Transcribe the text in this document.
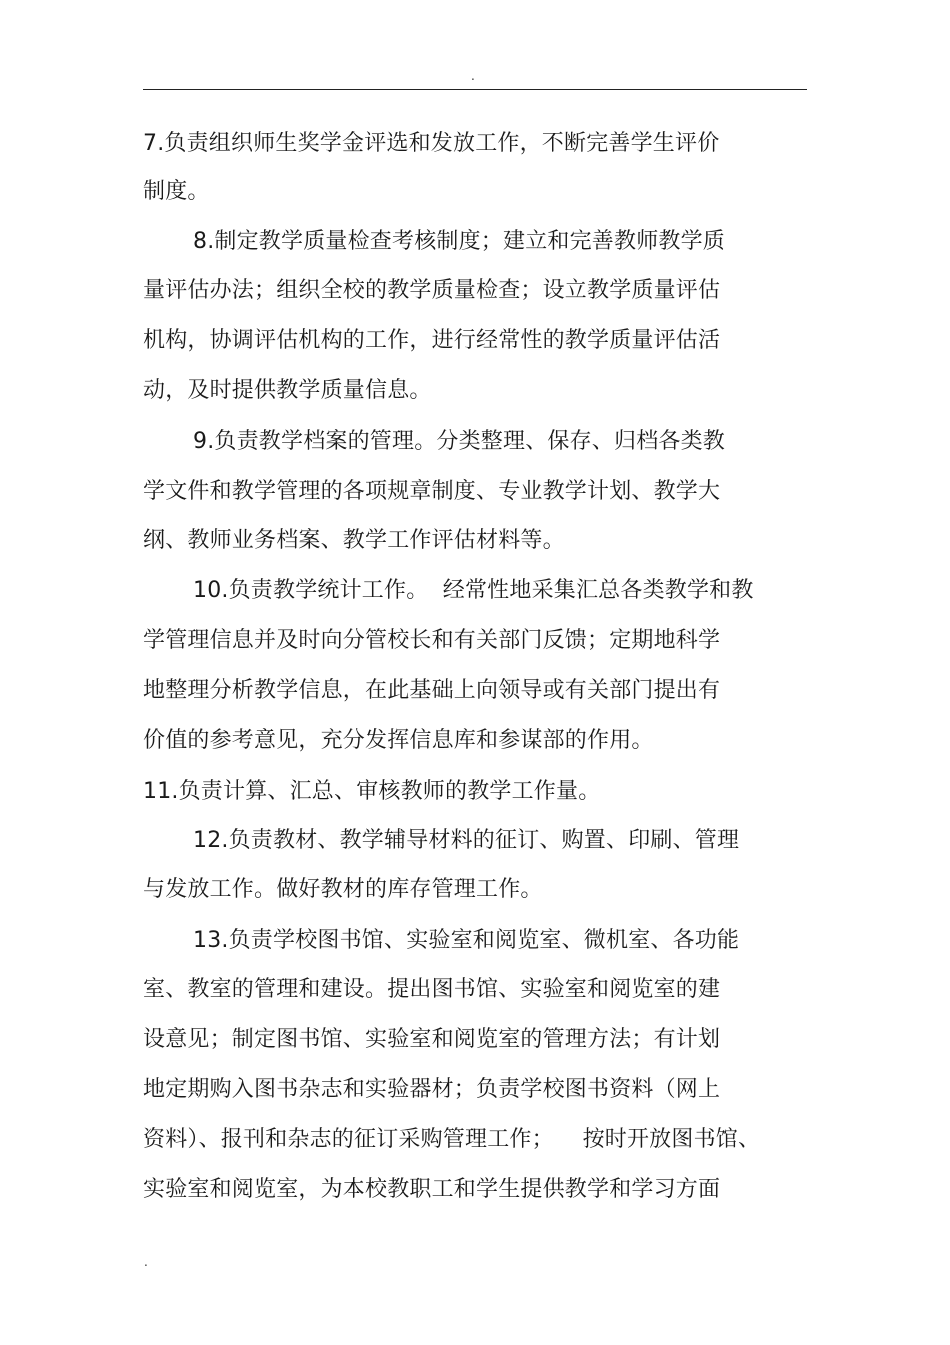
.
7.负责组织师生奖学金评选和发放工作，不断完善学生评价
制度。
8.制定教学质量检查考核制度；建立和完善教师教学质
量评估办法；组织全校的教学质量检查；设立教学质量评估
机构，协调评估机构的工作，进行经常性的教学质量评估活
动，及时提供教学质量信息。
9.负责教学档案的管理。分类整理、保存、归档各类教
学文件和教学管理的各项规章制度、专业教学计划、教学大
纲、教师业务档案、教学工作评估材料等。
10.负责教学统计工作。  经常性地采集汇总各类教学和教
学管理信息并及时向分管校长和有关部门反馈；定期地科学
地整理分析教学信息，在此基础上向领导或有关部门提出有
价值的参考意见，充分发挥信息库和参谋部的作用。
11.负责计算、汇总、审核教师的教学工作量。
12.负责教材、教学辅导材料的征订、购置、印刷、管理
与发放工作。做好教材的库存管理工作。
13.负责学校图书馆、实验室和阅览室、微机室、各功能
室、教室的管理和建设。提出图书馆、实验室和阅览室的建
设意见；制定图书馆、实验室和阅览室的管理方法；有计划
地定期购入图书杂志和实验器材；负责学校图书资料（网上
资料）、报刊和杂志的征订采购管理工作；    按时开放图书馆、
实验室和阅览室，为本校教职工和学生提供教学和学习方面
.
